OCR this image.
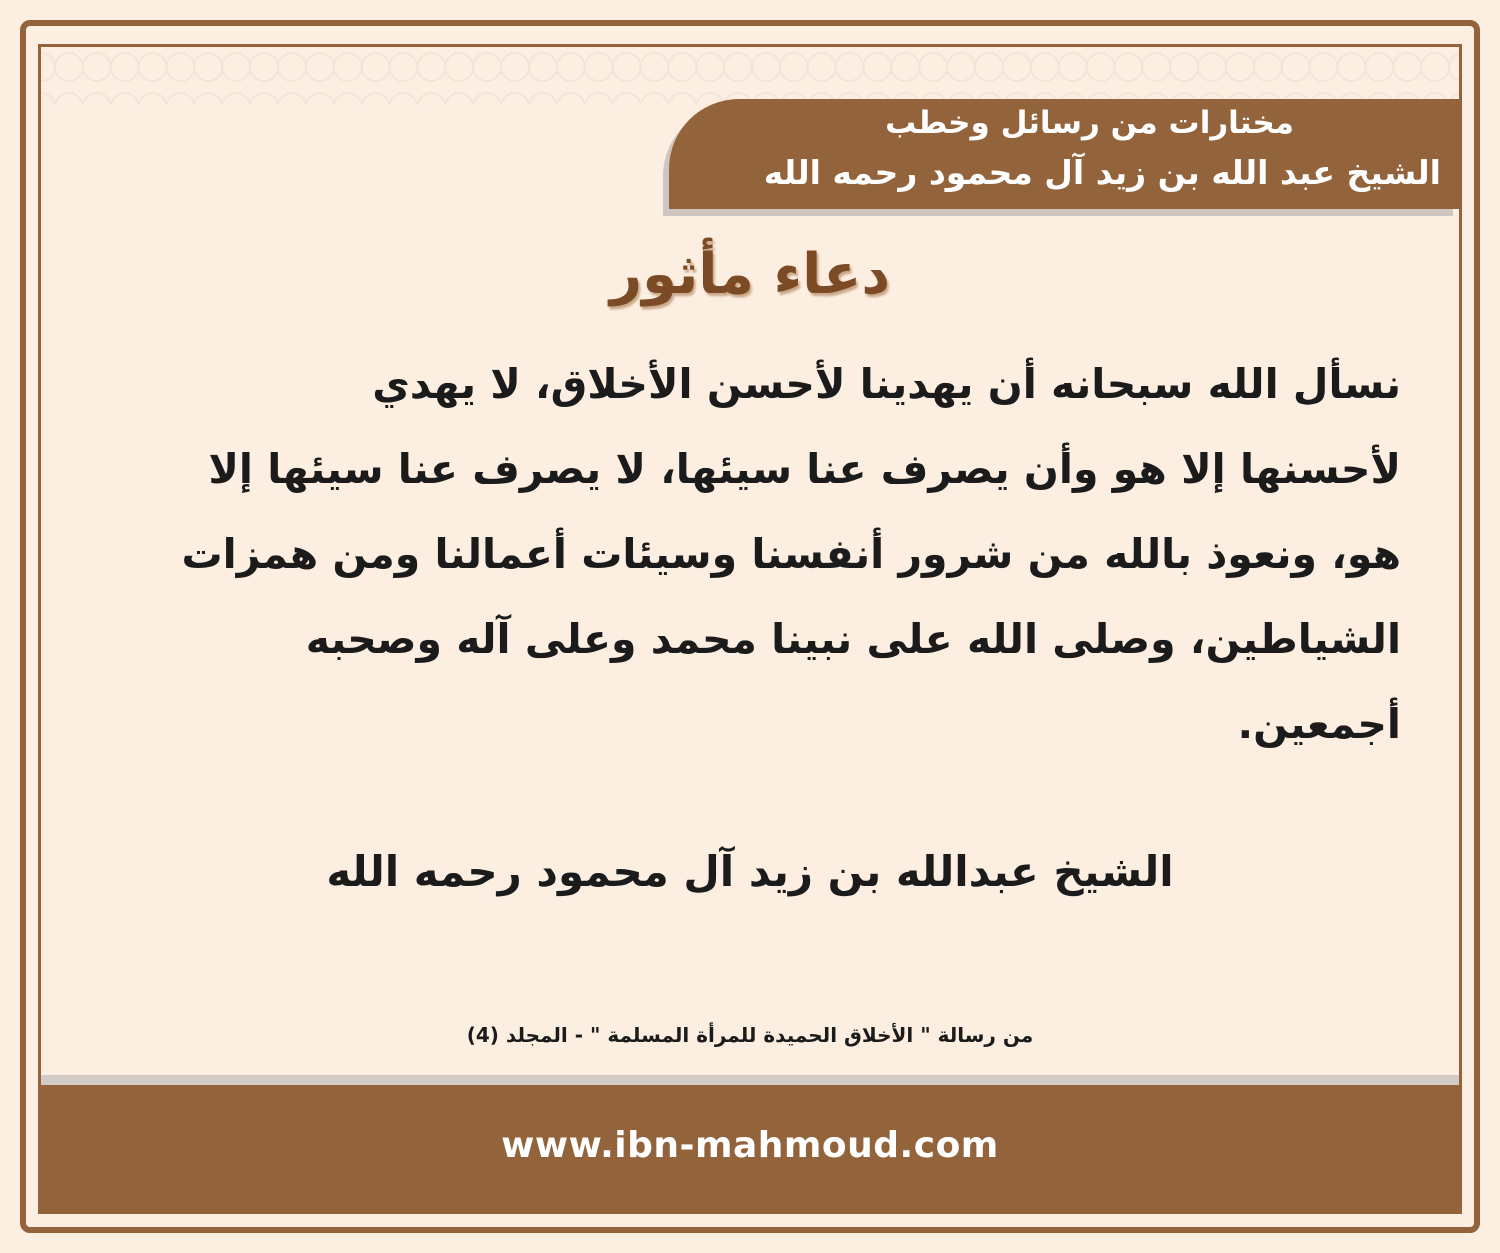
مختارات من رسائل وخطب
الشيخ عبد الله بن زيد آل محمود رحمه الله
دعاء مأثور
نسأل الله سبحانه أن يهدينا لأحسن الأخلاق، لا يهدي
لأحسنها إلا هو وأن يصرف عنا سيئها، لا يصرف عنا سيئها إلا
هو، ونعوذ بالله من شرور أنفسنا وسيئات أعمالنا ومن همزات
الشياطين، وصلى الله على نبينا محمد وعلى آله وصحبه
أجمعين.
الشيخ عبدالله بن زيد آل محمود رحمه الله
من رسالة " الأخلاق الحميدة للمرأة المسلمة " - المجلد (4)
www.ibn-mahmoud.com
